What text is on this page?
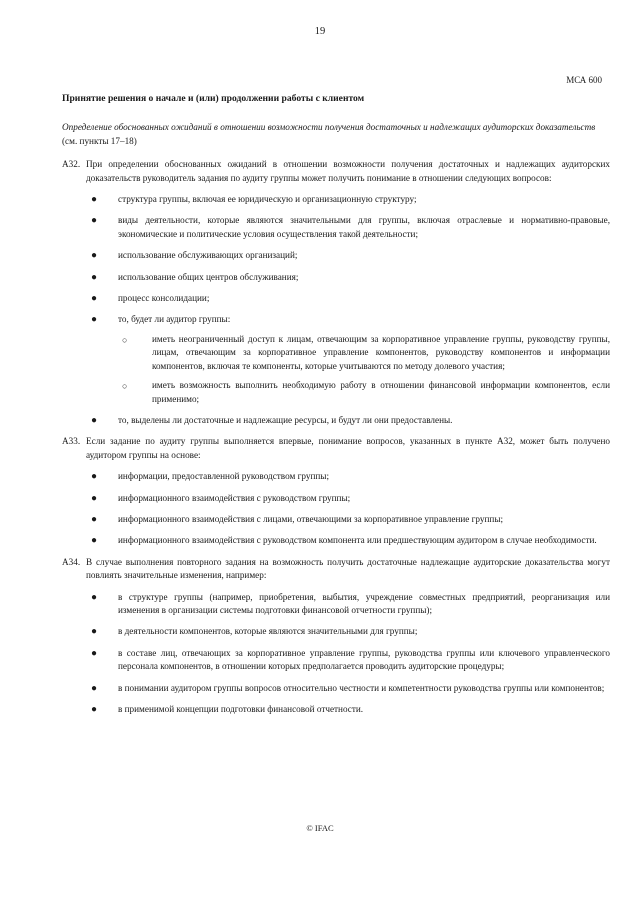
19
МСА 600
Принятие решения о начале и (или) продолжении работы с клиентом
Определение обоснованных ожиданий в отношении возможности получения достаточных и надлежащих аудиторских доказательств (см. пункты 17–18)
А32. При определении обоснованных ожиданий в отношении возможности получения достаточных и надлежащих аудиторских доказательств руководитель задания по аудиту группы может получить понимание в отношении следующих вопросов:
● структура группы, включая ее юридическую и организационную структуру;
● виды деятельности, которые являются значительными для группы, включая отраслевые и нормативно-правовые, экономические и политические условия осуществления такой деятельности;
● использование обслуживающих организаций;
● использование общих центров обслуживания;
● процесс консолидации;
● то, будет ли аудитор группы:
○	иметь неограниченный доступ к лицам, отвечающим за корпоративное управление группы, руководству группы, лицам, отвечающим за корпоративное управление компонентов, руководству компонентов и информации компонентов, включая те компоненты, которые учитываются по методу долевого участия;
○	иметь возможность выполнить необходимую работу в отношении финансовой информации компонентов, если применимо;
● то, выделены ли достаточные и надлежащие ресурсы, и будут ли они предоставлены.
А33. Если задание по аудиту группы выполняется впервые, понимание вопросов, указанных в пункте А32, может быть получено аудитором группы на основе:
● информации, предоставленной руководством группы;
● информационного взаимодействия с руководством группы;
● информационного взаимодействия с лицами, отвечающими за корпоративное управление группы;
● информационного взаимодействия с руководством компонента или предшествующим аудитором в случае необходимости.
А34. В случае выполнения повторного задания на возможность получить достаточные надлежащие аудиторские доказательства могут повлиять значительные изменения, например:
● в структуре группы (например, приобретения, выбытия, учреждение совместных предприятий, реорганизация или изменения в организации системы подготовки финансовой отчетности группы);
● в деятельности компонентов, которые являются значительными для группы;
● в составе лиц, отвечающих за корпоративное управление группы, руководства группы или ключевого управленческого персонала компонентов, в отношении которых предполагается проводить аудиторские процедуры;
● в понимании аудитором группы вопросов относительно честности и компетентности руководства группы или компонентов;
● в применимой концепции подготовки финансовой отчетности.
© IFAC
